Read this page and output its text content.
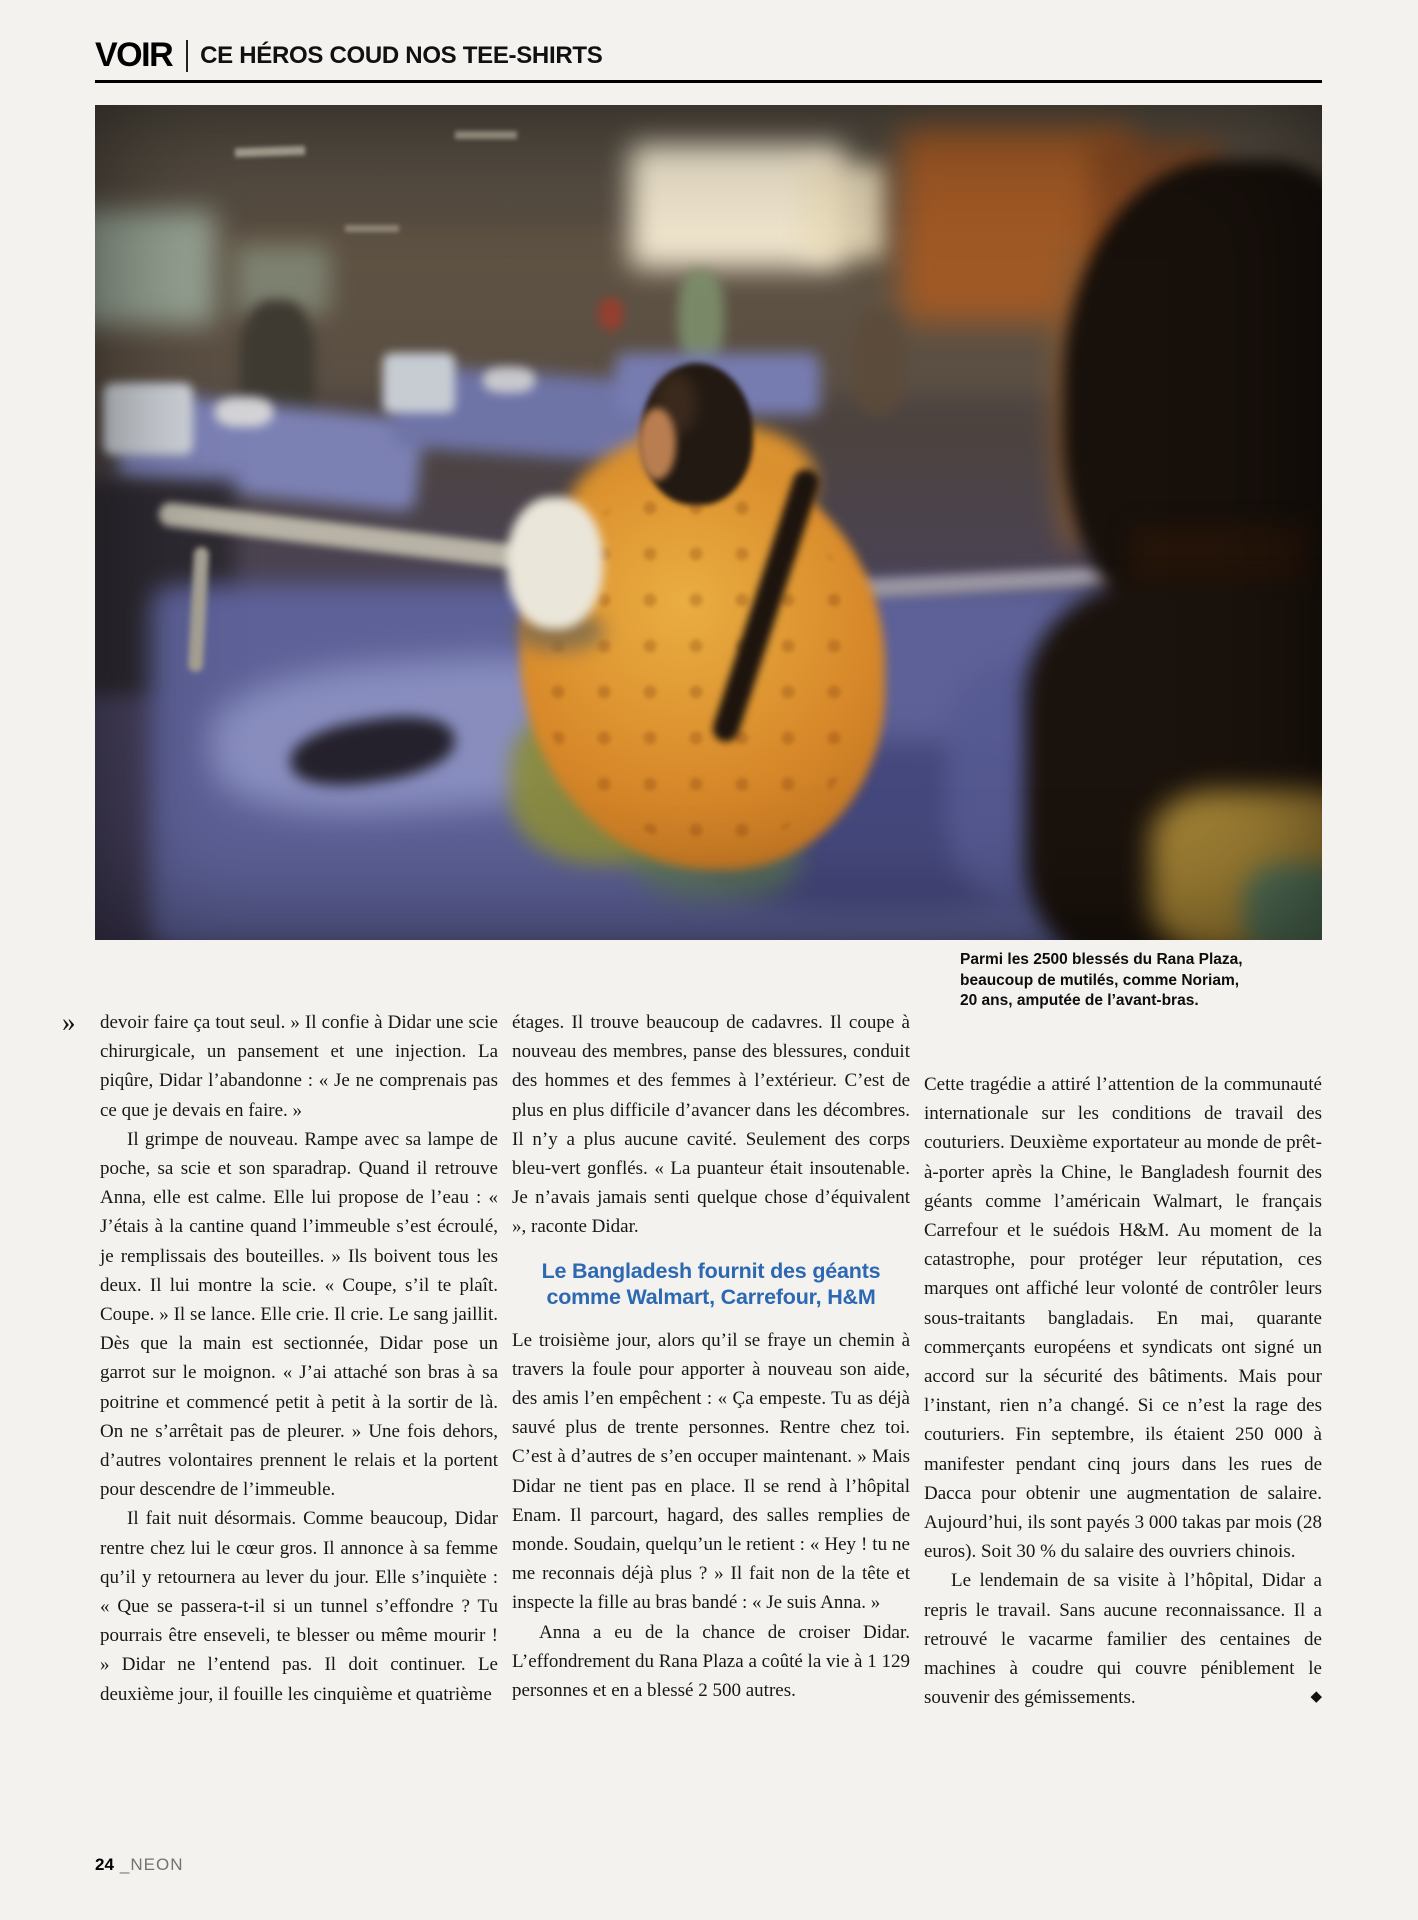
VOIR CE HÉROS COUD NOS TEE-SHIRTS
Parmi les 2500 blessés du Rana Plaza,
beaucoup de mutilés, comme Noriam,
20 ans, amputée de l’avant-bras.
» devoir faire ça tout seul. » Il confie à Didar une scie chirurgicale, un pansement et une injection. La piqûre, Didar l’abandonne : « Je ne comprenais pas ce que je devais en faire. »

Il grimpe de nouveau. Rampe avec sa lampe de poche, sa scie et son sparadrap. Quand il retrouve Anna, elle est calme. Elle lui propose de l’eau : « J’étais à la cantine quand l’immeuble s’est écroulé, je remplissais des bouteilles. » Ils boivent tous les deux. Il lui montre la scie. « Coupe, s’il te plaît. Coupe. » Il se lance. Elle crie. Il crie. Le sang jaillit. Dès que la main est sectionnée, Didar pose un garrot sur le moignon. « J’ai attaché son bras à sa poitrine et commencé petit à petit à la sortir de là. On ne s’arrêtait pas de pleurer. » Une fois dehors, d’autres volontaires prennent le relais et la portent pour descendre de l’immeuble.

Il fait nuit désormais. Comme beaucoup, Didar rentre chez lui le cœur gros. Il annonce à sa femme qu’il y retournera au lever du jour. Elle s’inquiète : « Que se passera-t-il si un tunnel s’effondre ? Tu pourrais être enseveli, te blesser ou même mourir ! » Didar ne l’entend pas. Il doit continuer. Le deuxième jour, il fouille les cinquième et quatrième

étages. Il trouve beaucoup de cadavres. Il coupe à nouveau des membres, panse des blessures, conduit des hommes et des femmes à l’extérieur. C’est de plus en plus difficile d’avancer dans les décombres. Il n’y a plus aucune cavité. Seulement des corps bleu-vert gonflés. « La puanteur était insoutenable. Je n’avais jamais senti quelque chose d’équivalent », raconte Didar.

Le Bangladesh fournit des géants
comme Walmart, Carrefour, H&M

Le troisième jour, alors qu’il se fraye un chemin à travers la foule pour apporter à nouveau son aide, des amis l’en empêchent : « Ça empeste. Tu as déjà sauvé plus de trente personnes. Rentre chez toi. C’est à d’autres de s’en occuper maintenant. » Mais Didar ne tient pas en place. Il se rend à l’hôpital Enam. Il parcourt, hagard, des salles remplies de monde. Soudain, quelqu’un le retient : « Hey ! tu ne me reconnais déjà plus ? » Il fait non de la tête et inspecte la fille au bras bandé : « Je suis Anna. »

Anna a eu de la chance de croiser Didar. L’effondrement du Rana Plaza a coûté la vie à 1 129 personnes et en a blessé 2 500 autres.

Cette tragédie a attiré l’attention de la communauté internationale sur les conditions de travail des couturiers. Deuxième exportateur au monde de prêt-à-porter après la Chine, le Bangladesh fournit des géants comme l’américain Walmart, le français Carrefour et le suédois H&M. Au moment de la catastrophe, pour protéger leur réputation, ces marques ont affiché leur volonté de contrôler leurs sous-traitants bangladais. En mai, quarante commerçants européens et syndicats ont signé un accord sur la sécurité des bâtiments. Mais pour l’instant, rien n’a changé. Si ce n’est la rage des couturiers. Fin septembre, ils étaient 250 000 à manifester pendant cinq jours dans les rues de Dacca pour obtenir une augmentation de salaire. Aujourd’hui, ils sont payés 3 000 takas par mois (28 euros). Soit 30 % du salaire des ouvriers chinois.

Le lendemain de sa visite à l’hôpital, Didar a repris le travail. Sans aucune reconnaissance. Il a retrouvé le vacarme familier des centaines de machines à coudre qui couvre péniblement le souvenir des gémissements.	◆

24 _NEON
